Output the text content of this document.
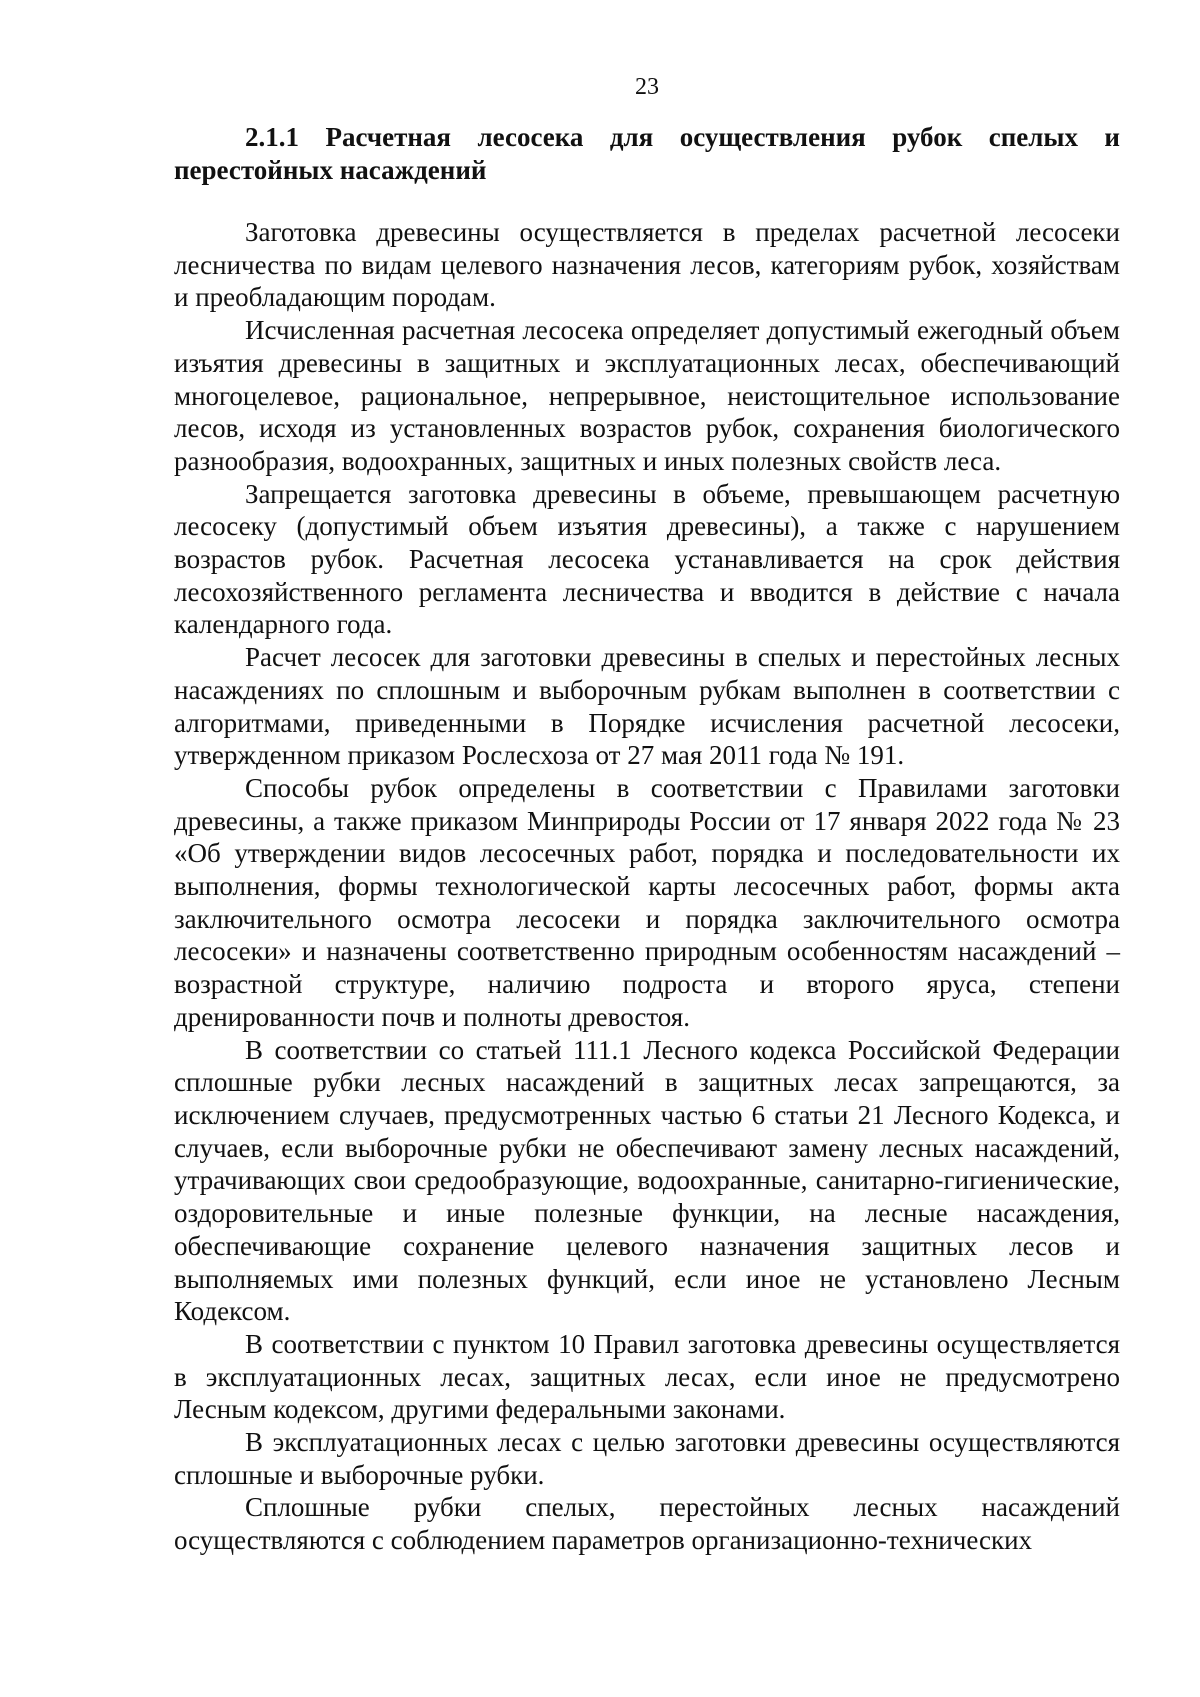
23
2.1.1 Расчетная лесосека для осуществления рубок спелых и перестойных насаждений

Заготовка древесины осуществляется в пределах расчетной лесосеки лесничества по видам целевого назначения лесов, категориям рубок, хозяйствам и преобладающим породам.

Исчисленная расчетная лесосека определяет допустимый ежегодный объем изъятия древесины в защитных и эксплуатационных лесах, обеспечивающий многоцелевое, рациональное, непрерывное, неистощительное использование лесов, исходя из установленных возрастов рубок, сохранения биологического разнообразия, водоохранных, защитных и иных полезных свойств леса.

Запрещается заготовка древесины в объеме, превышающем расчетную лесосеку (допустимый объем изъятия древесины), а также с нарушением возрастов рубок. Расчетная лесосека устанавливается на срок действия лесохозяйственного регламента лесничества и вводится в действие с начала календарного года.

Расчет лесосек для заготовки древесины в спелых и перестойных лесных насаждениях по сплошным и выборочным рубкам выполнен в соответствии с алгоритмами, приведенными в Порядке исчисления расчетной лесосеки, утвержденном приказом Рослесхоза от 27 мая 2011 года № 191.

Способы рубок определены в соответствии с Правилами заготовки древесины, а также приказом Минприроды России от 17 января 2022 года № 23 «Об утверждении видов лесосечных работ, порядка и последовательности их выполнения, формы технологической карты лесосечных работ, формы акта заключительного осмотра лесосеки и порядка заключительного осмотра лесосеки» и назначены соответственно природным особенностям насаждений – возрастной структуре, наличию подроста и второго яруса, степени дренированности почв и полноты древостоя.

В соответствии со статьей 111.1 Лесного кодекса Российской Федерации сплошные рубки лесных насаждений в защитных лесах запрещаются, за исключением случаев, предусмотренных частью 6 статьи 21 Лесного Кодекса, и случаев, если выборочные рубки не обеспечивают замену лесных насаждений, утрачивающих свои средообразующие, водоохранные, санитарно-гигиенические, оздоровительные и иные полезные функции, на лесные насаждения, обеспечивающие сохранение целевого назначения защитных лесов и выполняемых ими полезных функций, если иное не установлено Лесным Кодексом.

В соответствии с пунктом 10 Правил заготовка древесины осуществляется в эксплуатационных лесах, защитных лесах, если иное не предусмотрено Лесным кодексом, другими федеральными законами.

В эксплуатационных лесах с целью заготовки древесины осуществляются сплошные и выборочные рубки.

Сплошные рубки спелых, перестойных лесных насаждений осуществляются с соблюдением параметров организационно-технических
